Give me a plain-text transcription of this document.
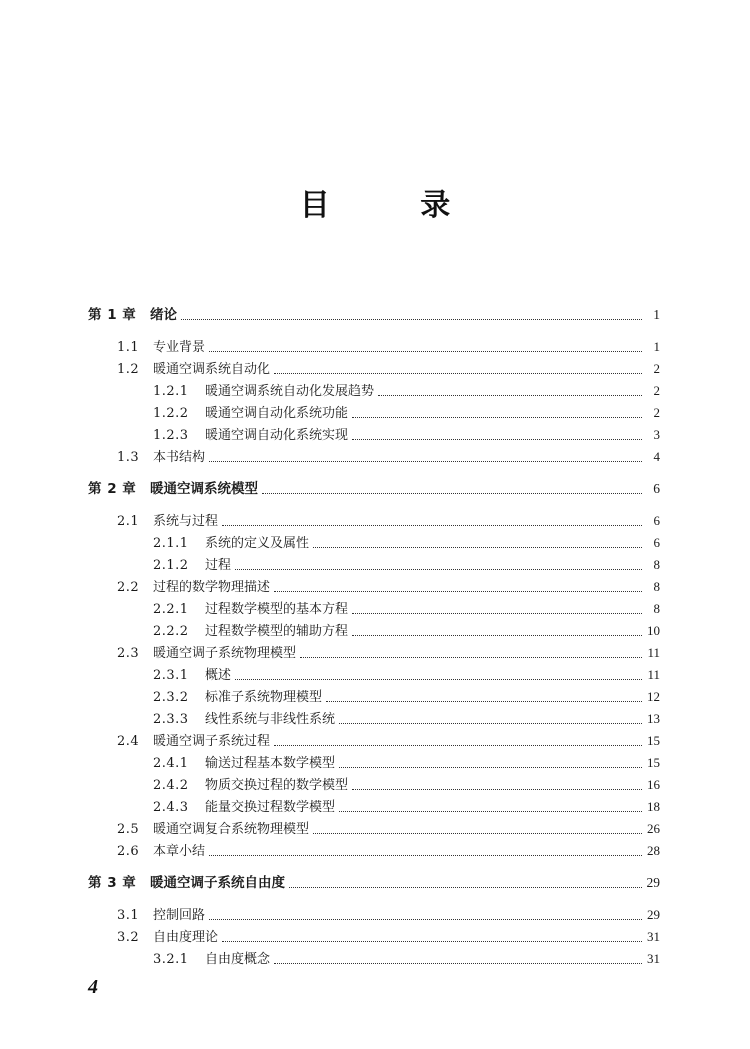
目 录
第 1 章	绪论	1
1.1	专业背景	1
1.2	暖通空调系统自动化	2
1.2.1	暖通空调系统自动化发展趋势	2
1.2.2	暖通空调自动化系统功能	2
1.2.3	暖通空调自动化系统实现	3
1.3	本书结构	4
第 2 章	暖通空调系统模型	6
2.1	系统与过程	6
2.1.1	系统的定义及属性	6
2.1.2	过程	8
2.2	过程的数学物理描述	8
2.2.1	过程数学模型的基本方程	8
2.2.2	过程数学模型的辅助方程	10
2.3	暖通空调子系统物理模型	11
2.3.1	概述	11
2.3.2	标准子系统物理模型	12
2.3.3	线性系统与非线性系统	13
2.4	暖通空调子系统过程	15
2.4.1	输送过程基本数学模型	15
2.4.2	物质交换过程的数学模型	16
2.4.3	能量交换过程数学模型	18
2.5	暖通空调复合系统物理模型	26
2.6	本章小结	28
第 3 章	暖通空调子系统自由度	29
3.1	控制回路	29
3.2	自由度理论	31
3.2.1	自由度概念	31
4
